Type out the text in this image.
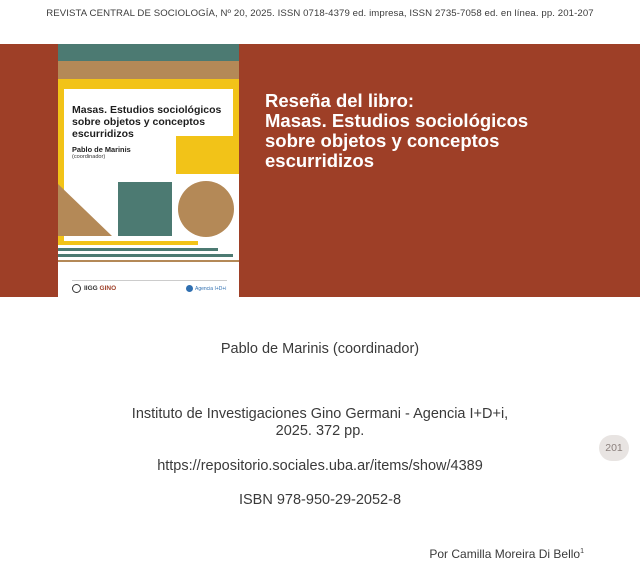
REVISTA CENTRAL DE SOCIOLOGÍA, Nº 20, 2025. ISSN 0718-4379 ed. impresa, ISSN 2735-7058 ed. en línea. pp. 201-207
Masas. Estudios sociológicos sobre objetos y conceptos escurridizos
Pablo de Marinis
(coordinador)
IIGG GINO	Agencia I+D+i
Reseña del libro:
Masas. Estudios sociológicos
sobre objetos y conceptos
escurridizos
Pablo de Marinis (coordinador)
Instituto de Investigaciones Gino Germani - Agencia I+D+i,
2025. 372 pp.
https://repositorio.sociales.uba.ar/items/show/4389
ISBN 978-950-29-2052-8
Por Camilla Moreira Di Bello$^1$
201
